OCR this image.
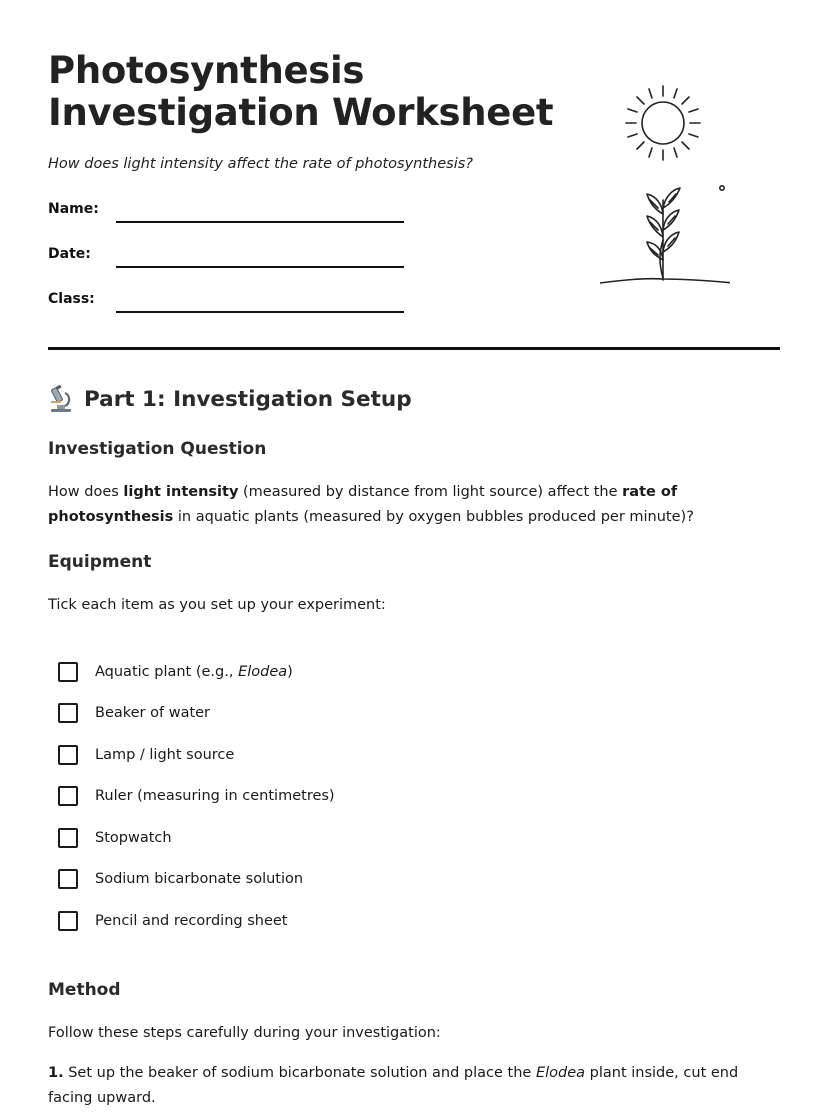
Photosynthesis
Investigation Worksheet

How does light intensity affect the rate of photosynthesis?

Name:
Date:
Class:
Part 1: Investigation Setup
Investigation Question

How does light intensity (measured by distance from light source) affect the rate of photosynthesis in aquatic plants (measured by oxygen bubbles produced per minute)?

Equipment

Tick each item as you set up your experiment:

Aquatic plant (e.g., Elodea)
Beaker of water
Lamp / light source
Ruler (measuring in centimetres)
Stopwatch
Sodium bicarbonate solution
Pencil and recording sheet
Method

Follow these steps carefully during your investigation:

1. Set up the beaker of sodium bicarbonate solution and place the Elodea plant inside, cut end facing upward.
